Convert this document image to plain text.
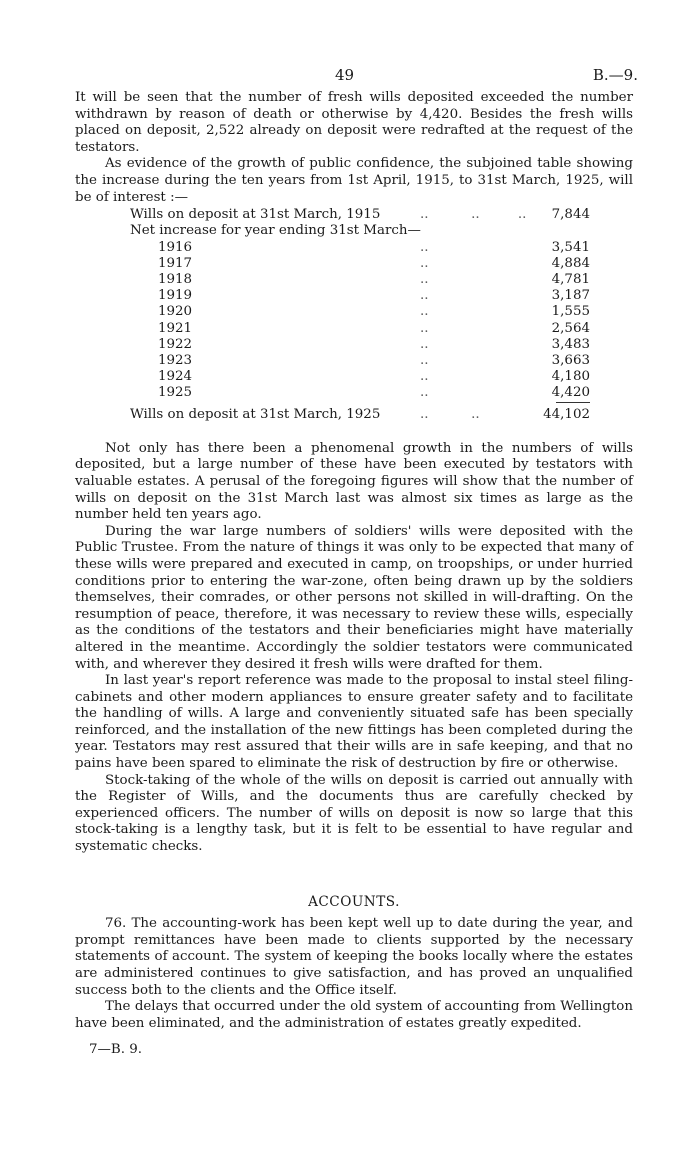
49	B.—9.

It will be seen that the number of fresh wills deposited exceeded the number withdrawn by reason of death or otherwise by 4,420. Besides the fresh wills placed on deposit, 2,522 already on deposit were redrafted at the request of the testators.

As evidence of the growth of public confidence, the subjoined table showing the increase during the ten years from 1st April, 1915, to 31st March, 1925, will be of interest :—

Wills on deposit at 31st March, 1915	..          ..         ..	7,844
Net increase for year ending 31st March—		
1916	..	3,541
1917	..	4,884
1918	..	4,781
1919	..	3,187
1920	..	1,555
1921	..	2,564
1922	..	3,483
1923	..	3,663
1924	..	4,180
1925	..	4,420

Wills on deposit at 31st March, 1925	..          ..	44,102

Not only has there been a phenomenal growth in the numbers of wills deposited, but a large number of these have been executed by testators with valuable estates. A perusal of the foregoing figures will show that the number of wills on deposit on the 31st March last was almost six times as large as the number held ten years ago.

During the war large numbers of soldiers' wills were deposited with the Public Trustee. From the nature of things it was only to be expected that many of these wills were prepared and executed in camp, on troopships, or under hurried conditions prior to entering the war-zone, often being drawn up by the soldiers themselves, their comrades, or other persons not skilled in will-drafting. On the resumption of peace, therefore, it was necessary to review these wills, especially as the conditions of the testators and their beneficiaries might have materially altered in the meantime. Accordingly the soldier testators were communicated with, and wherever they desired it fresh wills were drafted for them.

In last year's report reference was made to the proposal to instal steel filing-cabinets and other modern appliances to ensure greater safety and to facilitate the handling of wills. A large and conveniently situated safe has been specially reinforced, and the installation of the new fittings has been completed during the year. Testators may rest assured that their wills are in safe keeping, and that no pains have been spared to eliminate the risk of destruction by fire or otherwise.

Stock-taking of the whole of the wills on deposit is carried out annually with the Register of Wills, and the documents thus are carefully checked by experienced officers. The number of wills on deposit is now so large that this stock-taking is a lengthy task, but it is felt to be essential to have regular and systematic checks.

ACCOUNTS.

76. The accounting-work has been kept well up to date during the year, and prompt remittances have been made to clients supported by the necessary statements of account. The system of keeping the books locally where the estates are administered continues to give satisfaction, and has proved an unqualified success both to the clients and the Office itself.

The delays that occurred under the old system of accounting from Wellington have been eliminated, and the administration of estates greatly expedited.

7—B. 9.
